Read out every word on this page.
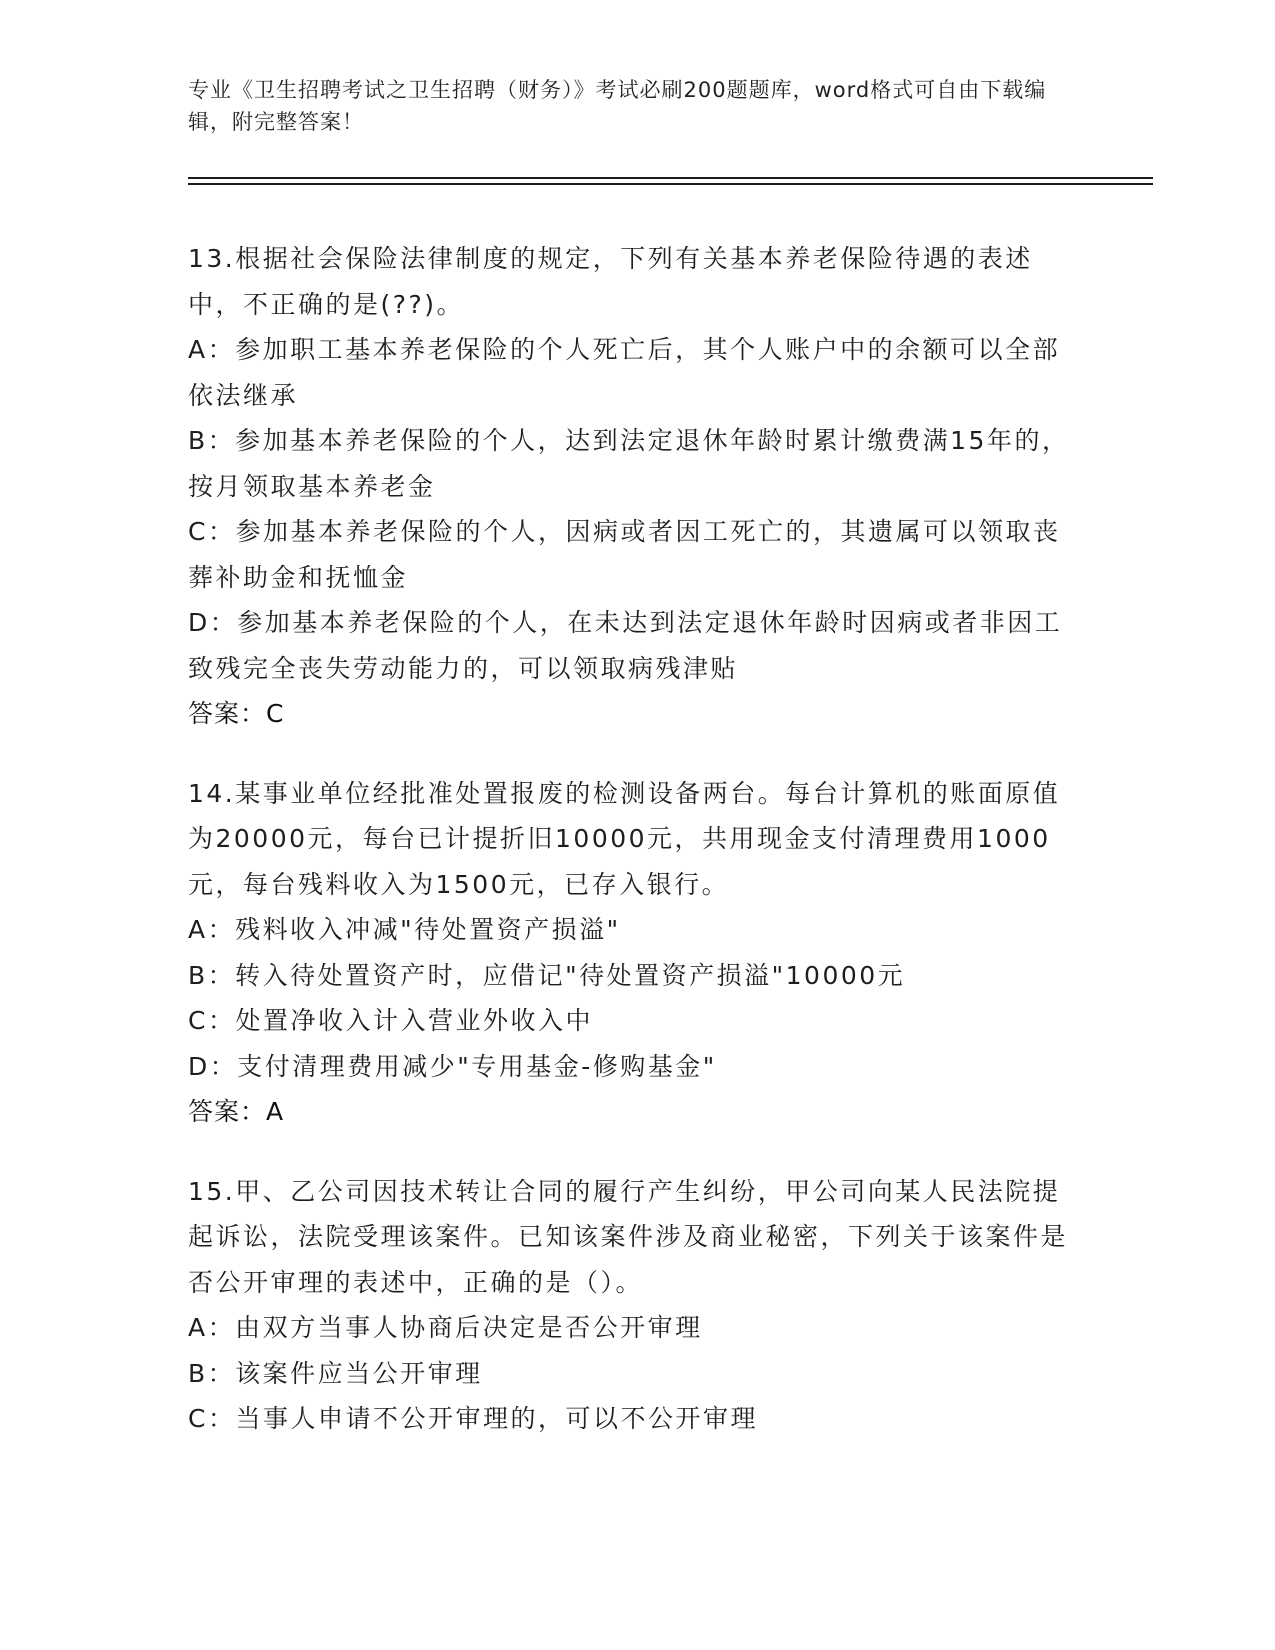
专业《卫生招聘考试之卫生招聘（财务）》考试必刷200题题库，word格式可自由下载编辑，附完整答案！

13.根据社会保险法律制度的规定，下列有关基本养老保险待遇的表述中，不正确的是(??)。

A：参加职工基本养老保险的个人死亡后，其个人账户中的余额可以全部依法继承

B：参加基本养老保险的个人，达到法定退休年龄时累计缴费满15年的，按月领取基本养老金

C：参加基本养老保险的个人，因病或者因工死亡的，其遗属可以领取丧葬补助金和抚恤金

D：参加基本养老保险的个人，在未达到法定退休年龄时因病或者非因工致残完全丧失劳动能力的，可以领取病残津贴

答案：C

14.某事业单位经批准处置报废的检测设备两台。每台计算机的账面原值为20000元，每台已计提折旧10000元，共用现金支付清理费用1000元，每台残料收入为1500元，已存入银行。

A：残料收入冲减"待处置资产损溢"

B：转入待处置资产时，应借记"待处置资产损溢"10000元

C：处置净收入计入营业外收入中

D：支付清理费用减少"专用基金-修购基金"

答案：A

15.甲、乙公司因技术转让合同的履行产生纠纷，甲公司向某人民法院提起诉讼，法院受理该案件。已知该案件涉及商业秘密，下列关于该案件是否公开审理的表述中，正确的是（）。

A：由双方当事人协商后决定是否公开审理

B：该案件应当公开审理

C：当事人申请不公开审理的，可以不公开审理
